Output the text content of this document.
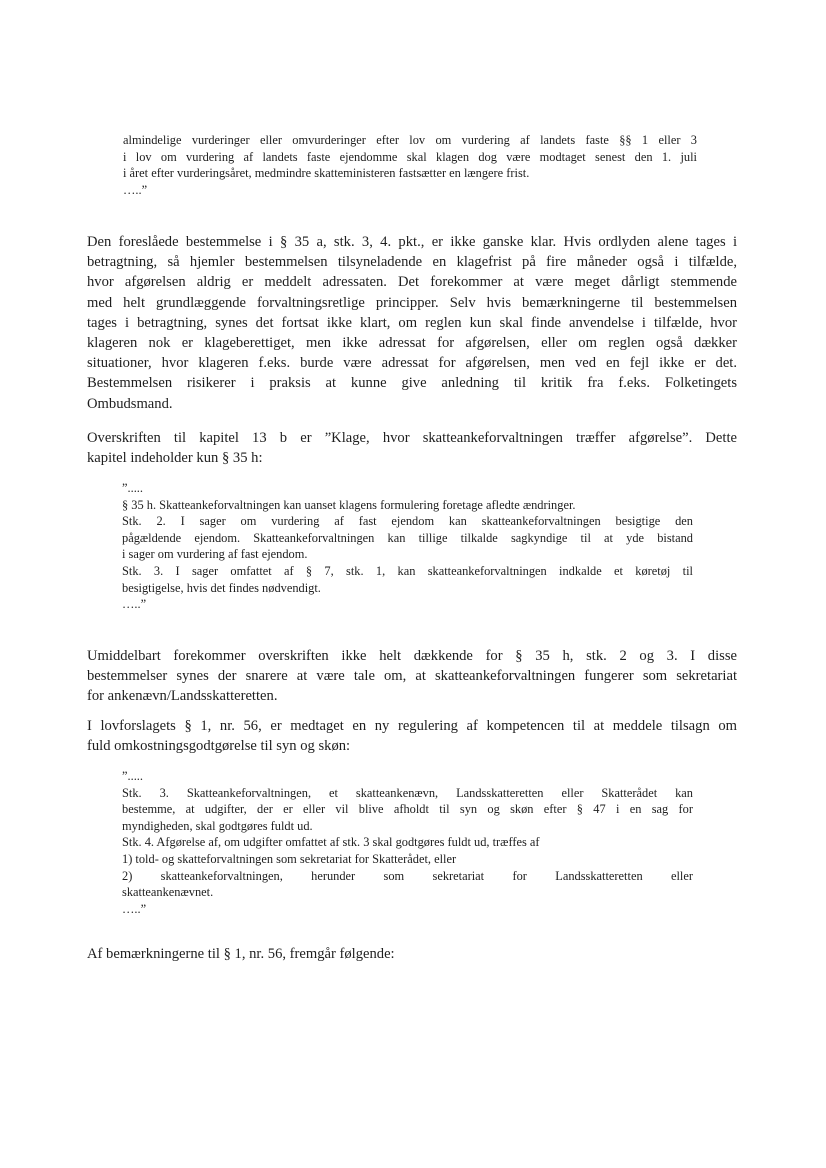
almindelige vurderinger eller omvurderinger efter lov om vurdering af landets faste §§ 1 eller 3
i lov om vurdering af landets faste ejendomme skal klagen dog være modtaget senest den 1. juli
i året efter vurderingsåret, medmindre skatteministeren fastsætter en længere frist.
…..”
Den foreslåede bestemmelse i § 35 a, stk. 3, 4. pkt., er ikke ganske klar. Hvis ordlyden alene tages i
betragtning, så hjemler bestemmelsen tilsyneladende en klagefrist på fire måneder også i tilfælde,
hvor afgørelsen aldrig er meddelt adressaten. Det forekommer at være meget dårligt stemmende
med helt grundlæggende forvaltningsretlige principper. Selv hvis bemærkningerne til bestemmelsen
tages i betragtning, synes det fortsat ikke klart, om reglen kun skal finde anvendelse i tilfælde, hvor
klageren nok er klageberettiget, men ikke adressat for afgørelsen, eller om reglen også dækker
situationer, hvor klageren f.eks. burde være adressat for afgørelsen, men ved en fejl ikke er det.
Bestemmelsen risikerer i praksis at kunne give anledning til kritik fra f.eks. Folketingets
Ombudsmand.
Overskriften til kapitel 13 b er ”Klage, hvor skatteankeforvaltningen træffer afgørelse”. Dette
kapitel indeholder kun § 35 h:
”.....
§ 35 h. Skatteankeforvaltningen kan uanset klagens formulering foretage afledte ændringer.
Stk. 2. I sager om vurdering af fast ejendom kan skatteankeforvaltningen besigtige den
pågældende ejendom. Skatteankeforvaltningen kan tillige tilkalde sagkyndige til at yde bistand
i sager om vurdering af fast ejendom.
Stk. 3. I sager omfattet af § 7, stk. 1, kan skatteankeforvaltningen indkalde et køretøj til
besigtigelse, hvis det findes nødvendigt.
…..”
Umiddelbart forekommer overskriften ikke helt dækkende for § 35 h, stk. 2 og 3. I disse
bestemmelser synes der snarere at være tale om, at skatteankeforvaltningen fungerer som sekretariat
for ankenævn/Landsskatteretten.
I lovforslagets § 1, nr. 56, er medtaget en ny regulering af kompetencen til at meddele tilsagn om
fuld omkostningsgodtgørelse til syn og skøn:
”.....
Stk. 3. Skatteankeforvaltningen, et skatteankenævn, Landsskatteretten eller Skatterådet kan
bestemme, at udgifter, der er eller vil blive afholdt til syn og skøn efter § 47 i en sag for
myndigheden, skal godtgøres fuldt ud.
Stk. 4. Afgørelse af, om udgifter omfattet af stk. 3 skal godtgøres fuldt ud, træffes af
1) told- og skatteforvaltningen som sekretariat for Skatterådet, eller
2) skatteankeforvaltningen, herunder som sekretariat for Landsskatteretten eller
skatteankenævnet.
…..”
Af bemærkningerne til § 1, nr. 56, fremgår følgende:
